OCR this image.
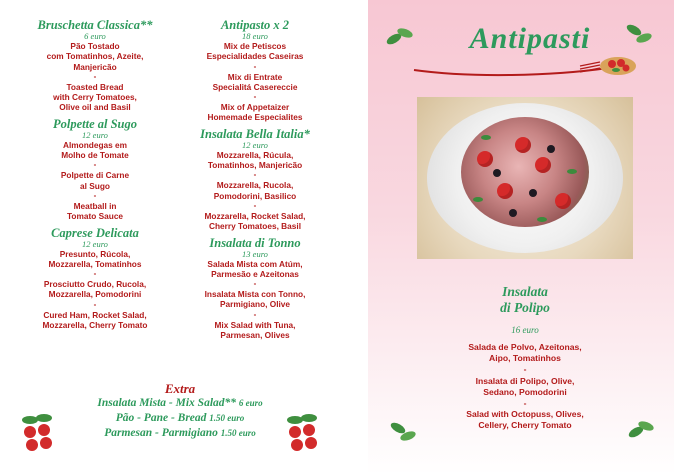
Bruschetta Classica**
6 euro
Pão Tostado
com Tomatinhos, Azeite,
Manjericão
-
Toasted Bread
with Cerry Tomatoes,
Olive oil and Basil
Polpette al Sugo
12 euro
Almondegas em
Molho de Tomate
-
Polpette di Carne
al Sugo
-
Meatball in
Tomato Sauce
Caprese Delicata
12 euro
Presunto, Rúcola,
Mozzarella, Tomatinhos
-
Prosciutto Crudo, Rucola,
Mozzarella, Pomodorini
-
Cured Ham, Rocket Salad,
Mozzarella, Cherry Tomato
Antipasto x 2
18 euro
Mix de Petiscos
Especialidades Caseiras
-
Mix di Entrate
Specialitá Casereccie
-
Mix of Appetaizer
Homemade Especialites
Insalata Bella Italia*
12 euro
Mozzarella, Rúcula,
Tomatinhos, Manjericão
-
Mozzarella, Rucola,
Pomodorini, Basilico
-
Mozzarella, Rocket Salad,
Cherry Tomatoes, Basil
Insalata di Tonno
13 euro
Salada Mista com Atúm,
Parmesão e Azeitonas
-
Insalata Mista con Tonno,
Parmigiano, Olive
-
Mix Salad with Tuna,
Parmesan, Olives
Extra
Insalata Mista - Mix Salad** 6 euro
Pão - Pane - Bread 1.50 euro
Parmesan - Parmigiano 1.50 euro
Antipasti
Insalata
di Polipo
16 euro
Salada de Polvo, Azeitonas,
Aipo, Tomatinhos
-
Insalata di Polipo, Olive,
Sedano, Pomodorini
-
Salad with Octopuss, Olives,
Cellery, Cherry Tomato
